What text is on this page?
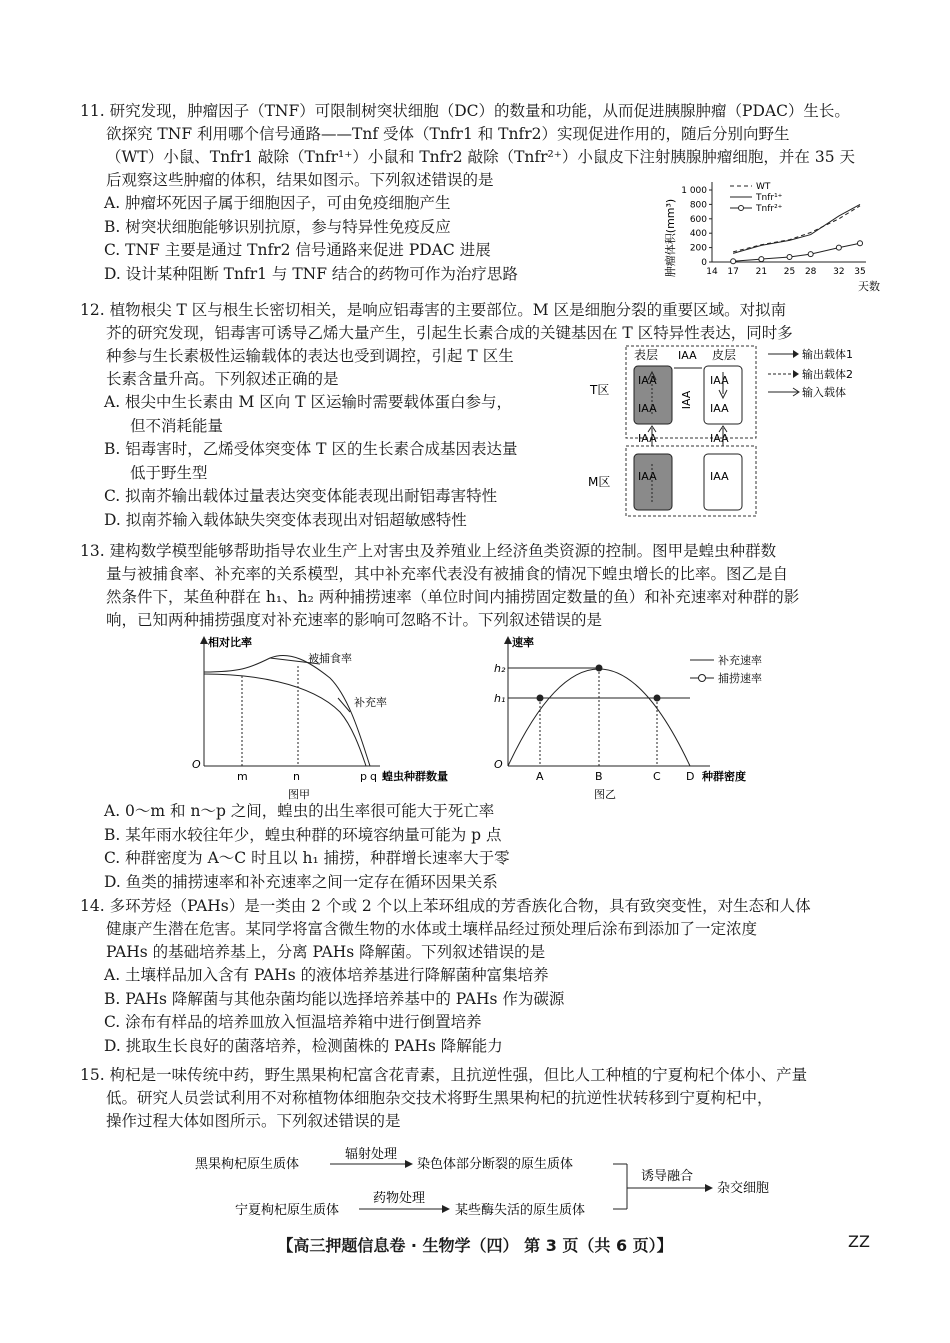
11. 研究发现，肿瘤因子（TNF）可限制树突状细胞（DC）的数量和功能，从而促进胰腺肿瘤（PDAC）生长。
欲探究 TNF 利用哪个信号通路——Tnf 受体（Tnfr1 和 Tnfr2）实现促进作用的，随后分别向野生
（WT）小鼠、Tnfr1 敲除（Tnfr¹⁺）小鼠和 Tnfr2 敲除（Tnfr²⁺）小鼠皮下注射胰腺肿瘤细胞，并在 35 天
后观察这些肿瘤的体积，结果如图示。下列叙述错误的是
A. 肿瘤坏死因子属于细胞因子，可由免疫细胞产生
B. 树突状细胞能够识别抗原，参与特异性免疫反应
C. TNF 主要是通过 Tnfr2 信号通路来促进 PDAC 进展
D. 设计某种阻断 Tnfr1 与 TNF 结合的药物可作为治疗思路
0
200
400
600
800
1 000
14 17 21 25 28 32 35
肿瘤体积(mm³)
天数
WT
Tnfr¹⁺
Tnfr²⁺
12. 植物根尖 T 区与根生长密切相关，是响应铝毒害的主要部位。M 区是细胞分裂的重要区域。对拟南
芥的研究发现，铝毒害可诱导乙烯大量产生，引起生长素合成的关键基因在 T 区特异性表达，同时多
种参与生长素极性运输载体的表达也受到调控，引起 T 区生
长素含量升高。下列叙述正确的是
A. 根尖中生长素由 M 区向 T 区运输时需要载体蛋白参与，
但不消耗能量
B. 铝毒害时，乙烯受体突变体 T 区的生长素合成基因表达量
低于野生型
C. 拟南芥输出载体过量表达突变体能表现出耐铝毒害特性
D. 拟南芥输入载体缺失突变体表现出对铝超敏感特性
T区
M区
表层 IAA 皮层
IAA
IAA
IAA
IAA
IAA
IAA	IAA
IAA	IAA
输出载体1
输出载体2
输入载体
13. 建构数学模型能够帮助指导农业生产上对害虫及养殖业上经济鱼类资源的控制。图甲是蝗虫种群数
量与被捕食率、补充率的关系模型，其中补充率代表没有被捕食的情况下蝗虫增长的比率。图乙是自
然条件下，某鱼种群在 h₁、h₂ 两种捕捞速率（单位时间内捕捞固定数量的鱼）和补充速率对种群的影
响，已知两种捕捞强度对补充速率的影响可忽略不计。下列叙述错误的是
相对比率
O
被捕食率
补充率
m	n	p q 蝗虫种群数量
图甲
速率
O
h₂
h₁
A	B	C D 种群密度
图乙
补充速率
捕捞速率
A. 0～m 和 n～p 之间，蝗虫的出生率很可能大于死亡率
B. 某年雨水较往年少，蝗虫种群的环境容纳量可能为 p 点
C. 种群密度为 A～C 时且以 h₁ 捕捞，种群增长速率大于零
D. 鱼类的捕捞速率和补充速率之间一定存在循环因果关系
14. 多环芳烃（PAHs）是一类由 2 个或 2 个以上苯环组成的芳香族化合物，具有致突变性，对生态和人体
健康产生潜在危害。某同学将富含微生物的水体或土壤样品经过预处理后涂布到添加了一定浓度
PAHs 的基础培养基上，分离 PAHs 降解菌。下列叙述错误的是
A. 土壤样品加入含有 PAHs 的液体培养基进行降解菌种富集培养
B. PAHs 降解菌与其他杂菌均能以选择培养基中的 PAHs 作为碳源
C. 涂布有样品的培养皿放入恒温培养箱中进行倒置培养
D. 挑取生长良好的菌落培养，检测菌株的 PAHs 降解能力
15. 枸杞是一味传统中药，野生黑果枸杞富含花青素，且抗逆性强，但比人工种植的宁夏枸杞个体小、产量
低。研究人员尝试利用不对称植物体细胞杂交技术将野生黑果枸杞的抗逆性状转移到宁夏枸杞中，
操作过程大体如图所示。下列叙述错误的是
黑果枸杞原生质体
辐射处理
染色体部分断裂的原生质体
宁夏枸杞原生质体
药物处理
某些酶失活的原生质体
诱导融合
杂交细胞
【高三押题信息卷 · 生物学（四） 第 3 页（共 6 页）】	ZZ
